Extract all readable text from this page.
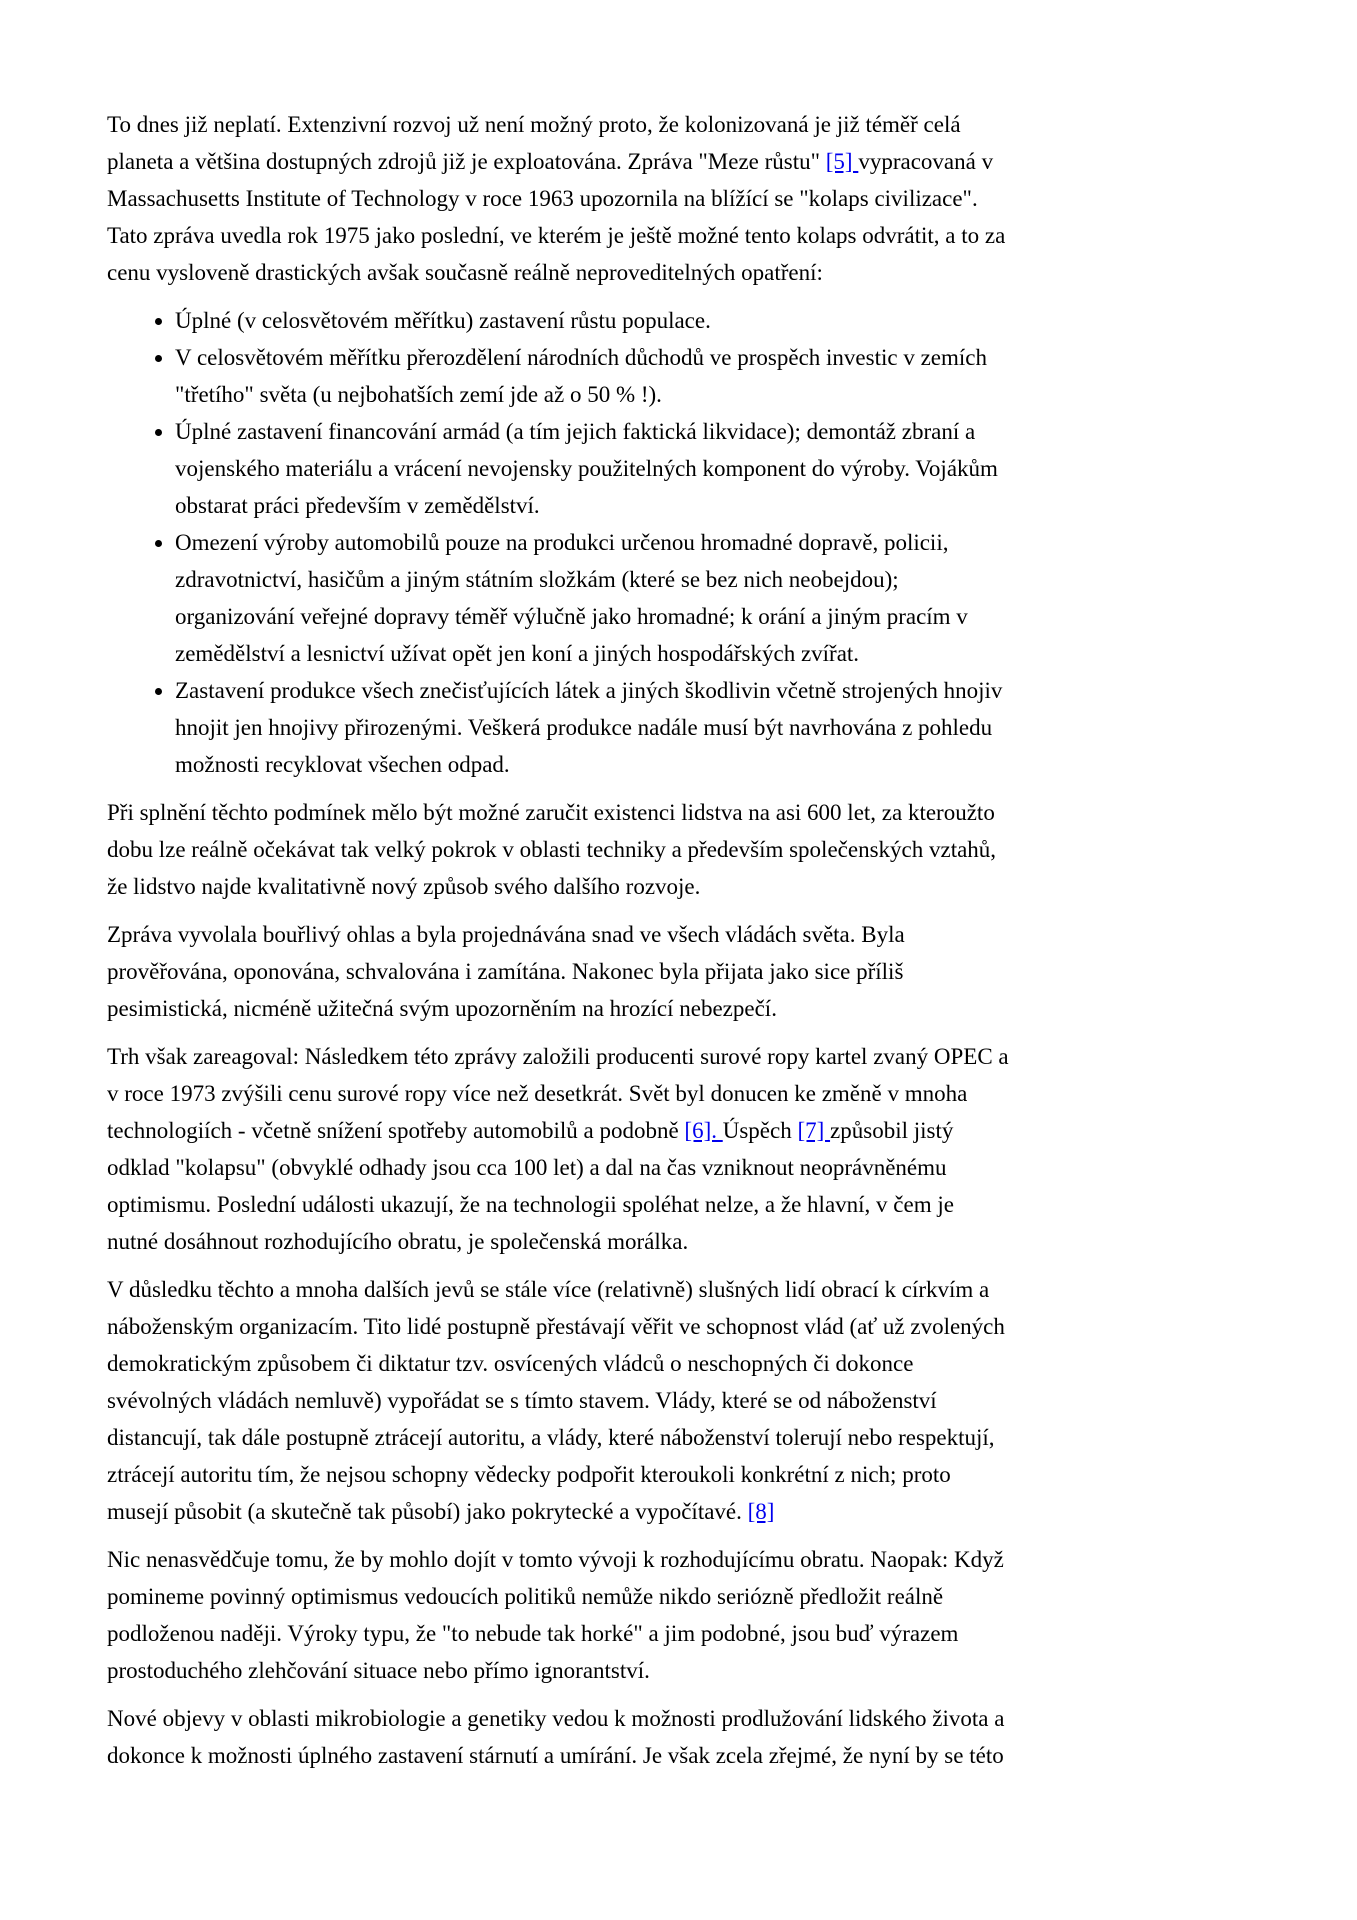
To dnes již neplatí. Extenzivní rozvoj už není možný proto, že kolonizovaná je již téměř celá planeta a většina dostupných zdrojů již je exploatována. Zpráva "Meze růstu" [5] vypracovaná v Massachusetts Institute of Technology v roce 1963 upozornila na blížící se "kolaps civilizace". Tato zpráva uvedla rok 1975 jako poslední, ve kterém je ještě možné tento kolaps odvrátit, a to za cenu vysloveně drastických avšak současně reálně neproveditelných opatření:

• Úplné (v celosvětovém měřítku) zastavení růstu populace.
• V celosvětovém měřítku přerozdělení národních důchodů ve prospěch investic v zemích "třetího" světa (u nejbohatších zemí jde až o 50 % !).
• Úplné zastavení financování armád (a tím jejich faktická likvidace); demontáž zbraní a vojenského materiálu a vrácení nevojensky použitelných komponent do výroby. Vojákům obstarat práci především v zemědělství.
• Omezení výroby automobilů pouze na produkci určenou hromadné dopravě, policii, zdravotnictví, hasičům a jiným státním složkám (které se bez nich neobejdou); organizování veřejné dopravy téměř výlučně jako hromadné; k orání a jiným pracím v zemědělství a lesnictví užívat opět jen koní a jiných hospodářských zvířat.
• Zastavení produkce všech znečisťujících látek a jiných škodlivin včetně strojených hnojiv hnojit jen hnojivy přirozenými. Veškerá produkce nadále musí být navrhována z pohledu možnosti recyklovat všechen odpad.

Při splnění těchto podmínek mělo být možné zaručit existenci lidstva na asi 600 let, za kteroužto dobu lze reálně očekávat tak velký pokrok v oblasti techniky a především společenských vztahů, že lidstvo najde kvalitativně nový způsob svého dalšího rozvoje.

Zpráva vyvolala bouřlivý ohlas a byla projednávána snad ve všech vládách světa. Byla prověřována, oponována, schvalována i zamítána. Nakonec byla přijata jako sice příliš pesimistická, nicméně užitečná svým upozorněním na hrozící nebezpečí.

Trh však zareagoval: Následkem této zprávy založili producenti surové ropy kartel zvaný OPEC a v roce 1973 zvýšili cenu surové ropy více než desetkrát. Svět byl donucen ke změně v mnoha technologiích - včetně snížení spotřeby automobilů a podobně [6]. Úspěch [7] způsobil jistý odklad "kolapsu" (obvyklé odhady jsou cca 100 let) a dal na čas vzniknout neoprávněnému optimismu. Poslední události ukazují, že na technologii spoléhat nelze, a že hlavní, v čem je nutné dosáhnout rozhodujícího obratu, je společenská morálka.

V důsledku těchto a mnoha dalších jevů se stále více (relativně) slušných lidí obrací k církvím a náboženským organizacím. Tito lidé postupně přestávají věřit ve schopnost vlád (ať už zvolených demokratickým způsobem či diktatur tzv. osvícených vládců o neschopných či dokonce svévolných vládách nemluvě) vypořádat se s tímto stavem. Vlády, které se od náboženství distancují, tak dále postupně ztrácejí autoritu, a vlády, které náboženství tolerují nebo respektují, ztrácejí autoritu tím, že nejsou schopny vědecky podpořit kteroukoli konkrétní z nich; proto musejí působit (a skutečně tak působí) jako pokrytecké a vypočítavé. [8]

Nic nenasvědčuje tomu, že by mohlo dojít v tomto vývoji k rozhodujícímu obratu. Naopak: Když pomineme povinný optimismus vedoucích politiků nemůže nikdo seriózně předložit reálně podloženou naději. Výroky typu, že "to nebude tak horké" a jim podobné, jsou buď výrazem prostoduchého zlehčování situace nebo přímo ignorantství.

Nové objevy v oblasti mikrobiologie a genetiky vedou k možnosti prodlužování lidského života a dokonce k možnosti úplného zastavení stárnutí a umírání. Je však zcela zřejmé, že nyní by se této
